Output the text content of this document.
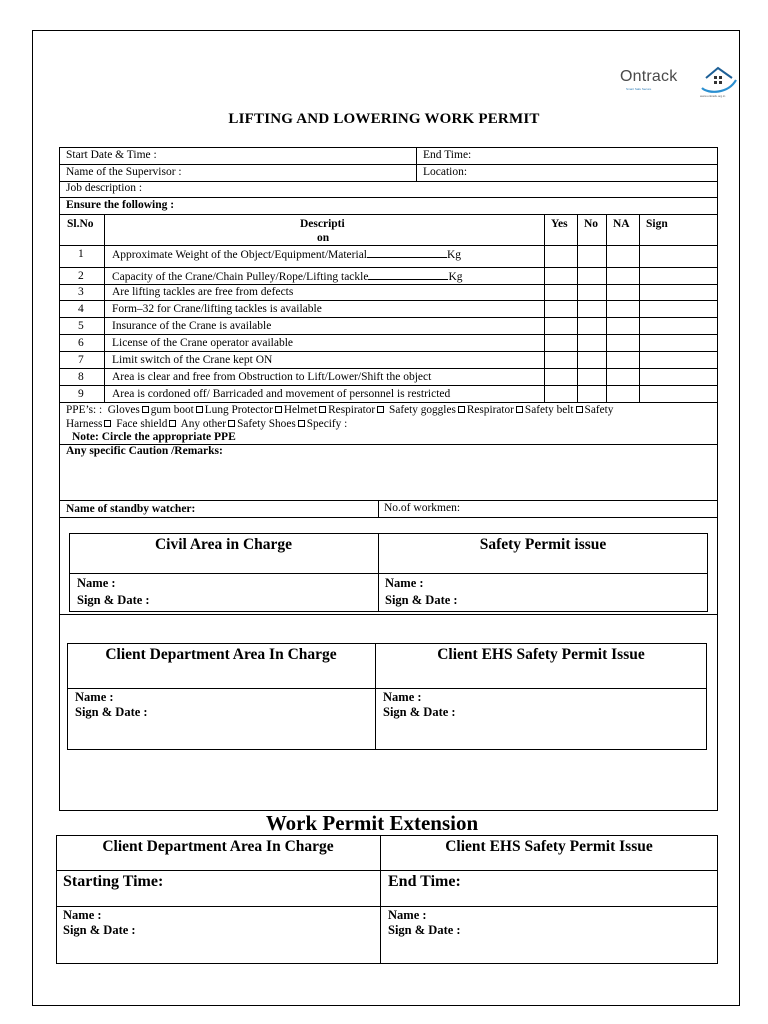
Ontrack
Smart Safe Secure
www.ontrack.org.in
LIFTING AND LOWERING WORK PERMIT
Start Date & Time :	End Time:
Name of the Supervisor :	Location:
Job description :
Ensure the following :
Sl.No	Descripti
on
Yes No NA Sign
1 Approximate Weight of the Object/Equipment/Material	Kg
2 Capacity of the Crane/Chain Pulley/Rope/Lifting tackle	Kg
3 Are lifting tackles are free from defects
4 Form–32 for Crane/lifting tackles is available
5 Insurance of the Crane is available
6 License of the Crane operator available
7 Limit switch of the Crane kept ON
8 Area is clear and free from Obstruction to Lift/Lower/Shift the object
9 Area is cordoned off/ Barricaded and movement of personnel is restricted
PPE’s: : Gloves gum boot Lung Protector Helmet Respirator Safety goggles Respirator Safety belt Safety
Harness Face shield Any other Safety Shoes Specify :
Note: Circle the appropriate PPE
Any specific Caution /Remarks:
Name of standby watcher:	No.of workmen:
Civil Area in Charge	Safety Permit issue
Name :
Sign & Date :
Name :
Sign & Date :
Client Department Area In Charge	Client EHS Safety Permit Issue
Name :
Sign & Date :
Name :
Sign & Date :
Work Permit Extension
Client Department Area In Charge	Client EHS Safety Permit Issue
Starting Time:	End Time:
Name :
Sign & Date :
Name :
Sign & Date :
